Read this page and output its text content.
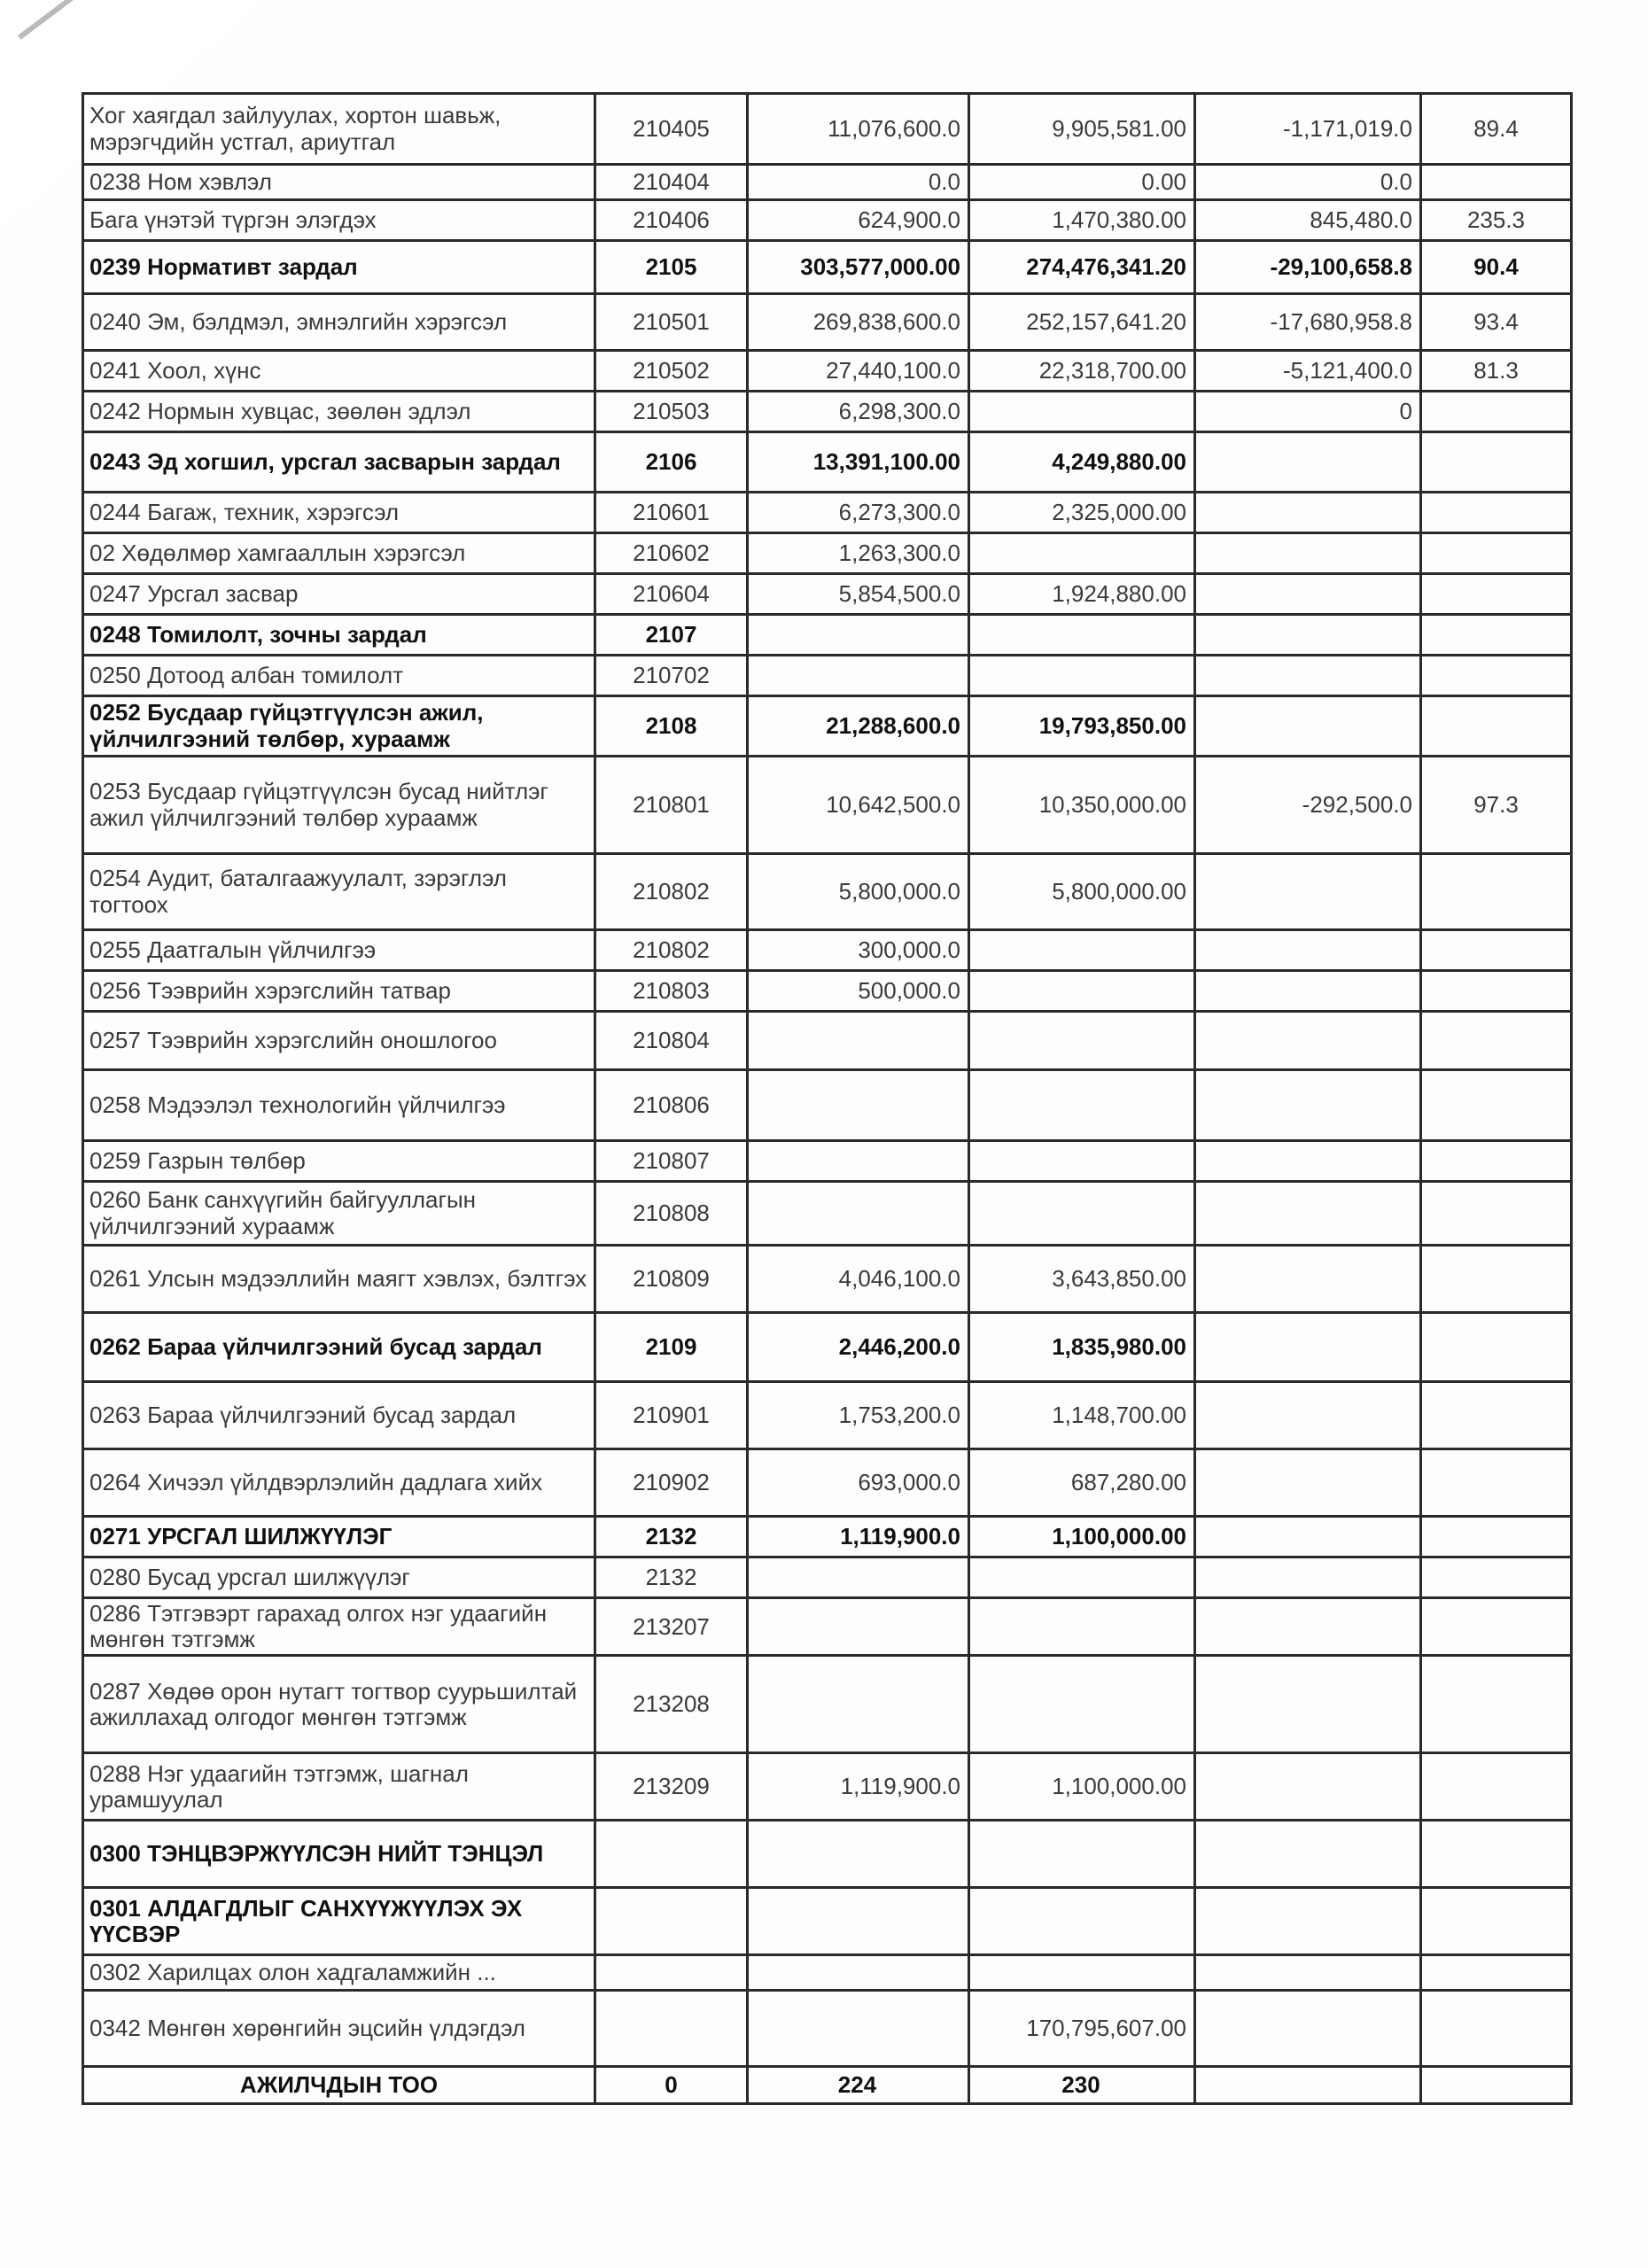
Хог хаягдал зайлуулах, хортон шавьж, мэрэгчдийн устгал, ариутгал	210405	11,076,600.0	9,905,581.00	-1,171,019.0	89.4
0238 Ном хэвлэл	210404	0.0	0.00	0.0	
Бага үнэтэй түргэн элэгдэх	210406	624,900.0	1,470,380.00	845,480.0	235.3
0239 Нормативт зардал	2105	303,577,000.00	274,476,341.20	-29,100,658.8	90.4
0240 Эм, бэлдмэл, эмнэлгийн хэрэгсэл	210501	269,838,600.0	252,157,641.20	-17,680,958.8	93.4
0241 Хоол, хүнс	210502	27,440,100.0	22,318,700.00	-5,121,400.0	81.3
0242 Нормын хувцас, зөөлөн эдлэл	210503	6,298,300.0		0	
0243 Эд хогшил, урсгал засварын зардал	2106	13,391,100.00	4,249,880.00		
0244 Багаж, техник, хэрэгсэл	210601	6,273,300.0	2,325,000.00		
02 Хөдөлмөр хамгааллын хэрэгсэл	210602	1,263,300.0			
0247 Урсгал засвар	210604	5,854,500.0	1,924,880.00		
0248 Томилолт, зочны зардал	2107				
0250 Дотоод албан томилолт	210702				
0252 Бусдаар гүйцэтгүүлсэн ажил, үйлчилгээний төлбөр, хураамж	2108	21,288,600.0	19,793,850.00		
0253 Бусдаар гүйцэтгүүлсэн бусад нийтлэг ажил үйлчилгээний төлбөр хураамж	210801	10,642,500.0	10,350,000.00	-292,500.0	97.3
0254 Аудит, баталгаажуулалт, зэрэглэл тогтоох	210802	5,800,000.0	5,800,000.00		
0255 Даатгалын үйлчилгээ	210802	300,000.0			
0256 Тээврийн хэрэгслийн татвар	210803	500,000.0			
0257 Тээврийн хэрэгслийн оношлогоо	210804				
0258 Мэдээлэл технологийн үйлчилгээ	210806				
0259 Газрын төлбөр	210807				
0260 Банк санхүүгийн байгууллагын үйлчилгээний хураамж	210808				
0261 Улсын мэдээллийн маягт хэвлэх, бэлтгэх	210809	4,046,100.0	3,643,850.00		
0262 Бараа үйлчилгээний бусад зардал	2109	2,446,200.0	1,835,980.00		
0263 Бараа үйлчилгээний бусад зардал	210901	1,753,200.0	1,148,700.00		
0264 Хичээл үйлдвэрлэлийн дадлага хийх	210902	693,000.0	687,280.00		
0271 УРСГАЛ ШИЛЖҮҮЛЭГ	2132	1,119,900.0	1,100,000.00		
0280 Бусад урсгал шилжүүлэг	2132				
0286 Тэтгэвэрт гарахад олгох нэг удаагийн мөнгөн тэтгэмж	213207				
0287 Хөдөө орон нутагт тогтвор суурьшилтай ажиллахад олгодог мөнгөн тэтгэмж	213208				
0288 Нэг удаагийн тэтгэмж, шагнал урамшуулал	213209	1,119,900.0	1,100,000.00		
0300 ТЭНЦВЭРЖҮҮЛСЭН НИЙТ ТЭНЦЭЛ					
0301 АЛДАГДЛЫГ САНХҮҮЖҮҮЛЭХ ЭХ ҮҮСВЭР					
0302 Харилцах олон хадгаламжийн ...					
0342 Мөнгөн хөрөнгийн эцсийн үлдэгдэл			170,795,607.00		
АЖИЛЧДЫН ТОО	0	224	230		
